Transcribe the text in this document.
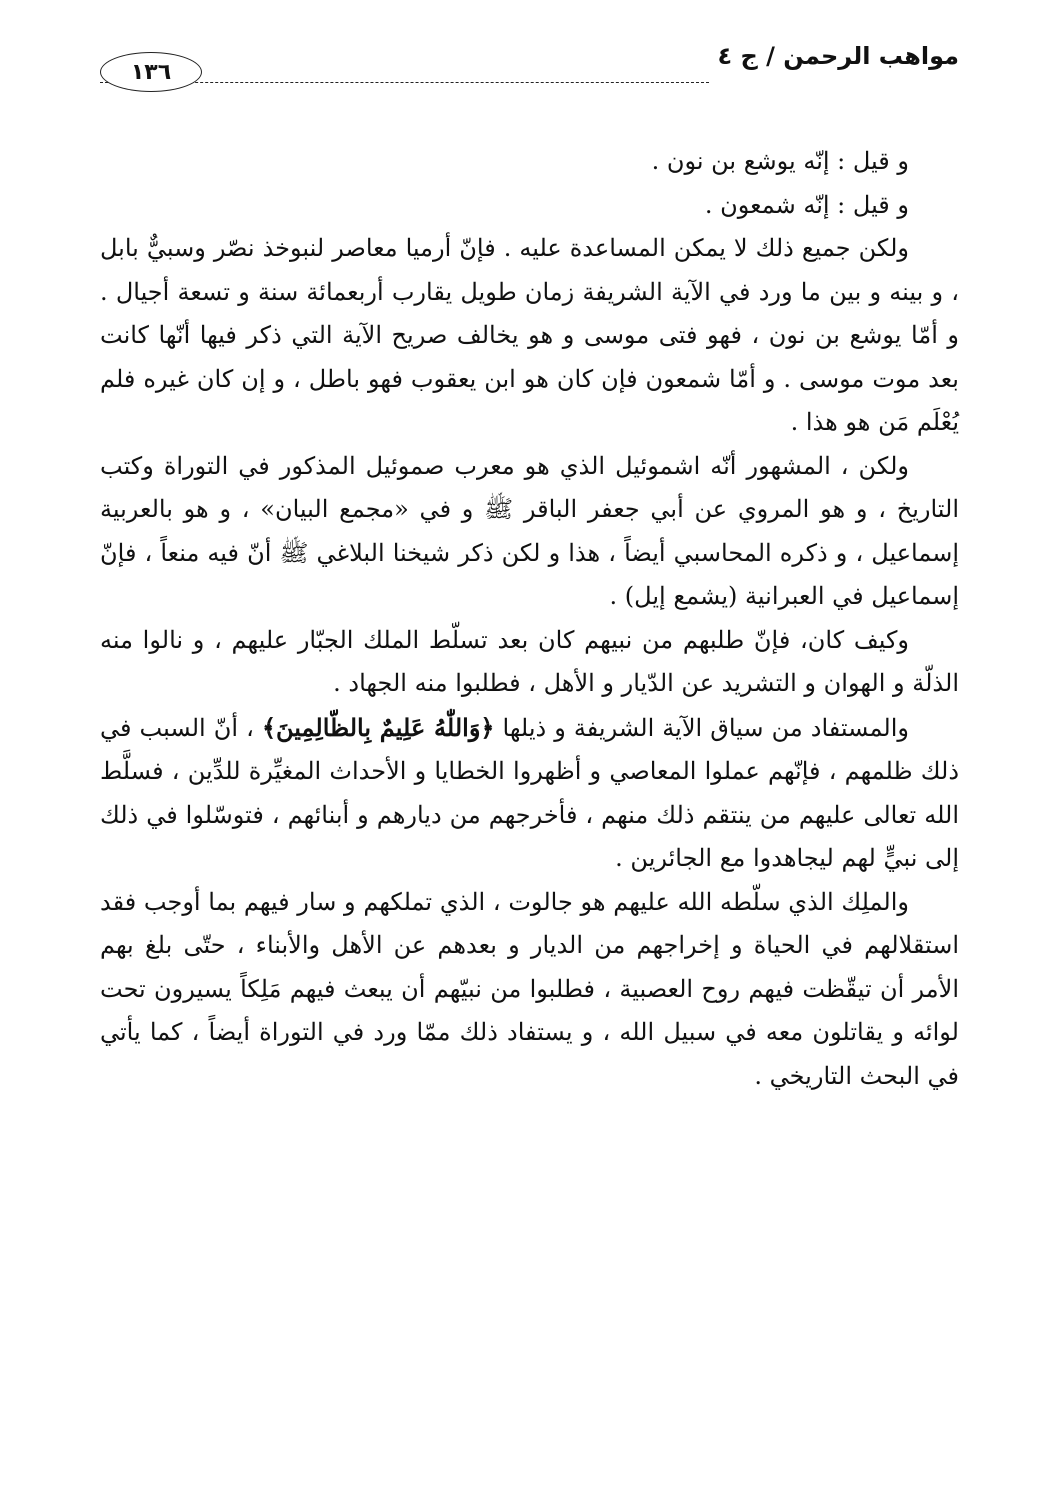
مواهب الرحمن / ج ٤
١٣٦

و قيل : إنّه يوشع بن نون .

و قيل : إنّه شمعون .

ولكن جميع ذلك لا يمكن المساعدة عليه . فإنّ أرميا معاصر لنبوخذ نصّر وسبيٌّ بابل ، و بينه و بين ما ورد في الآية الشريفة زمان طويل يقارب أربعمائة سنة و تسعة أجيال . و أمّا يوشع بن نون ، فهو فتى موسى و هو يخالف صريح الآية التي ذكر فيها أنّها كانت بعد موت موسى . و أمّا شمعون فإن كان هو ابن يعقوب فهو باطل ، و إن كان غيره فلم يُعْلَم مَن هو هذا .

ولكن ، المشهور أنّه اشموئيل الذي هو معرب صموئيل المذكور في التوراة وكتب التاريخ ، و هو المروي عن أبي جعفر الباقر ﷺ و في «مجمع البيان» ، و هو بالعربية إسماعيل ، و ذكره المحاسبي أيضاً ، هذا و لكن ذكر شيخنا البلاغي ﷺ أنّ فيه منعاً ، فإنّ إسماعيل في العبرانية (يشمع إيل) .

وكيف كان، فإنّ طلبهم من نبيهم كان بعد تسلّط الملك الجبّار عليهم ، و نالوا منه الذلّة و الهوان و التشريد عن الدّيار و الأهل ، فطلبوا منه الجهاد .

والمستفاد من سياق الآية الشريفة و ذيلها ﴿وَاللّٰهُ عَلِيمٌ بِالظّالِمِينَ﴾ ، أنّ السبب في ذلك ظلمهم ، فإنّهم عملوا المعاصي و أظهروا الخطايا و الأحداث المغيِّرة للدِّين ، فسلَّط الله تعالى عليهم من ينتقم ذلك منهم ، فأخرجهم من ديارهم و أبنائهم ، فتوسّلوا في ذلك إلى نبيٍّ لهم ليجاهدوا مع الجائرين .

والملِك الذي سلّطه الله عليهم هو جالوت ، الذي تملكهم و سار فيهم بما أوجب فقد استقلالهم في الحياة و إخراجهم من الديار و بعدهم عن الأهل والأبناء ، حتّى بلغ بهم الأمر أن تيقّظت فيهم روح العصبية ، فطلبوا من نبيّهم أن يبعث فيهم مَلِكاً يسيرون تحت لوائه و يقاتلون معه في سبيل الله ، و يستفاد ذلك ممّا ورد في التوراة أيضاً ، كما يأتي في البحث التاريخي .
